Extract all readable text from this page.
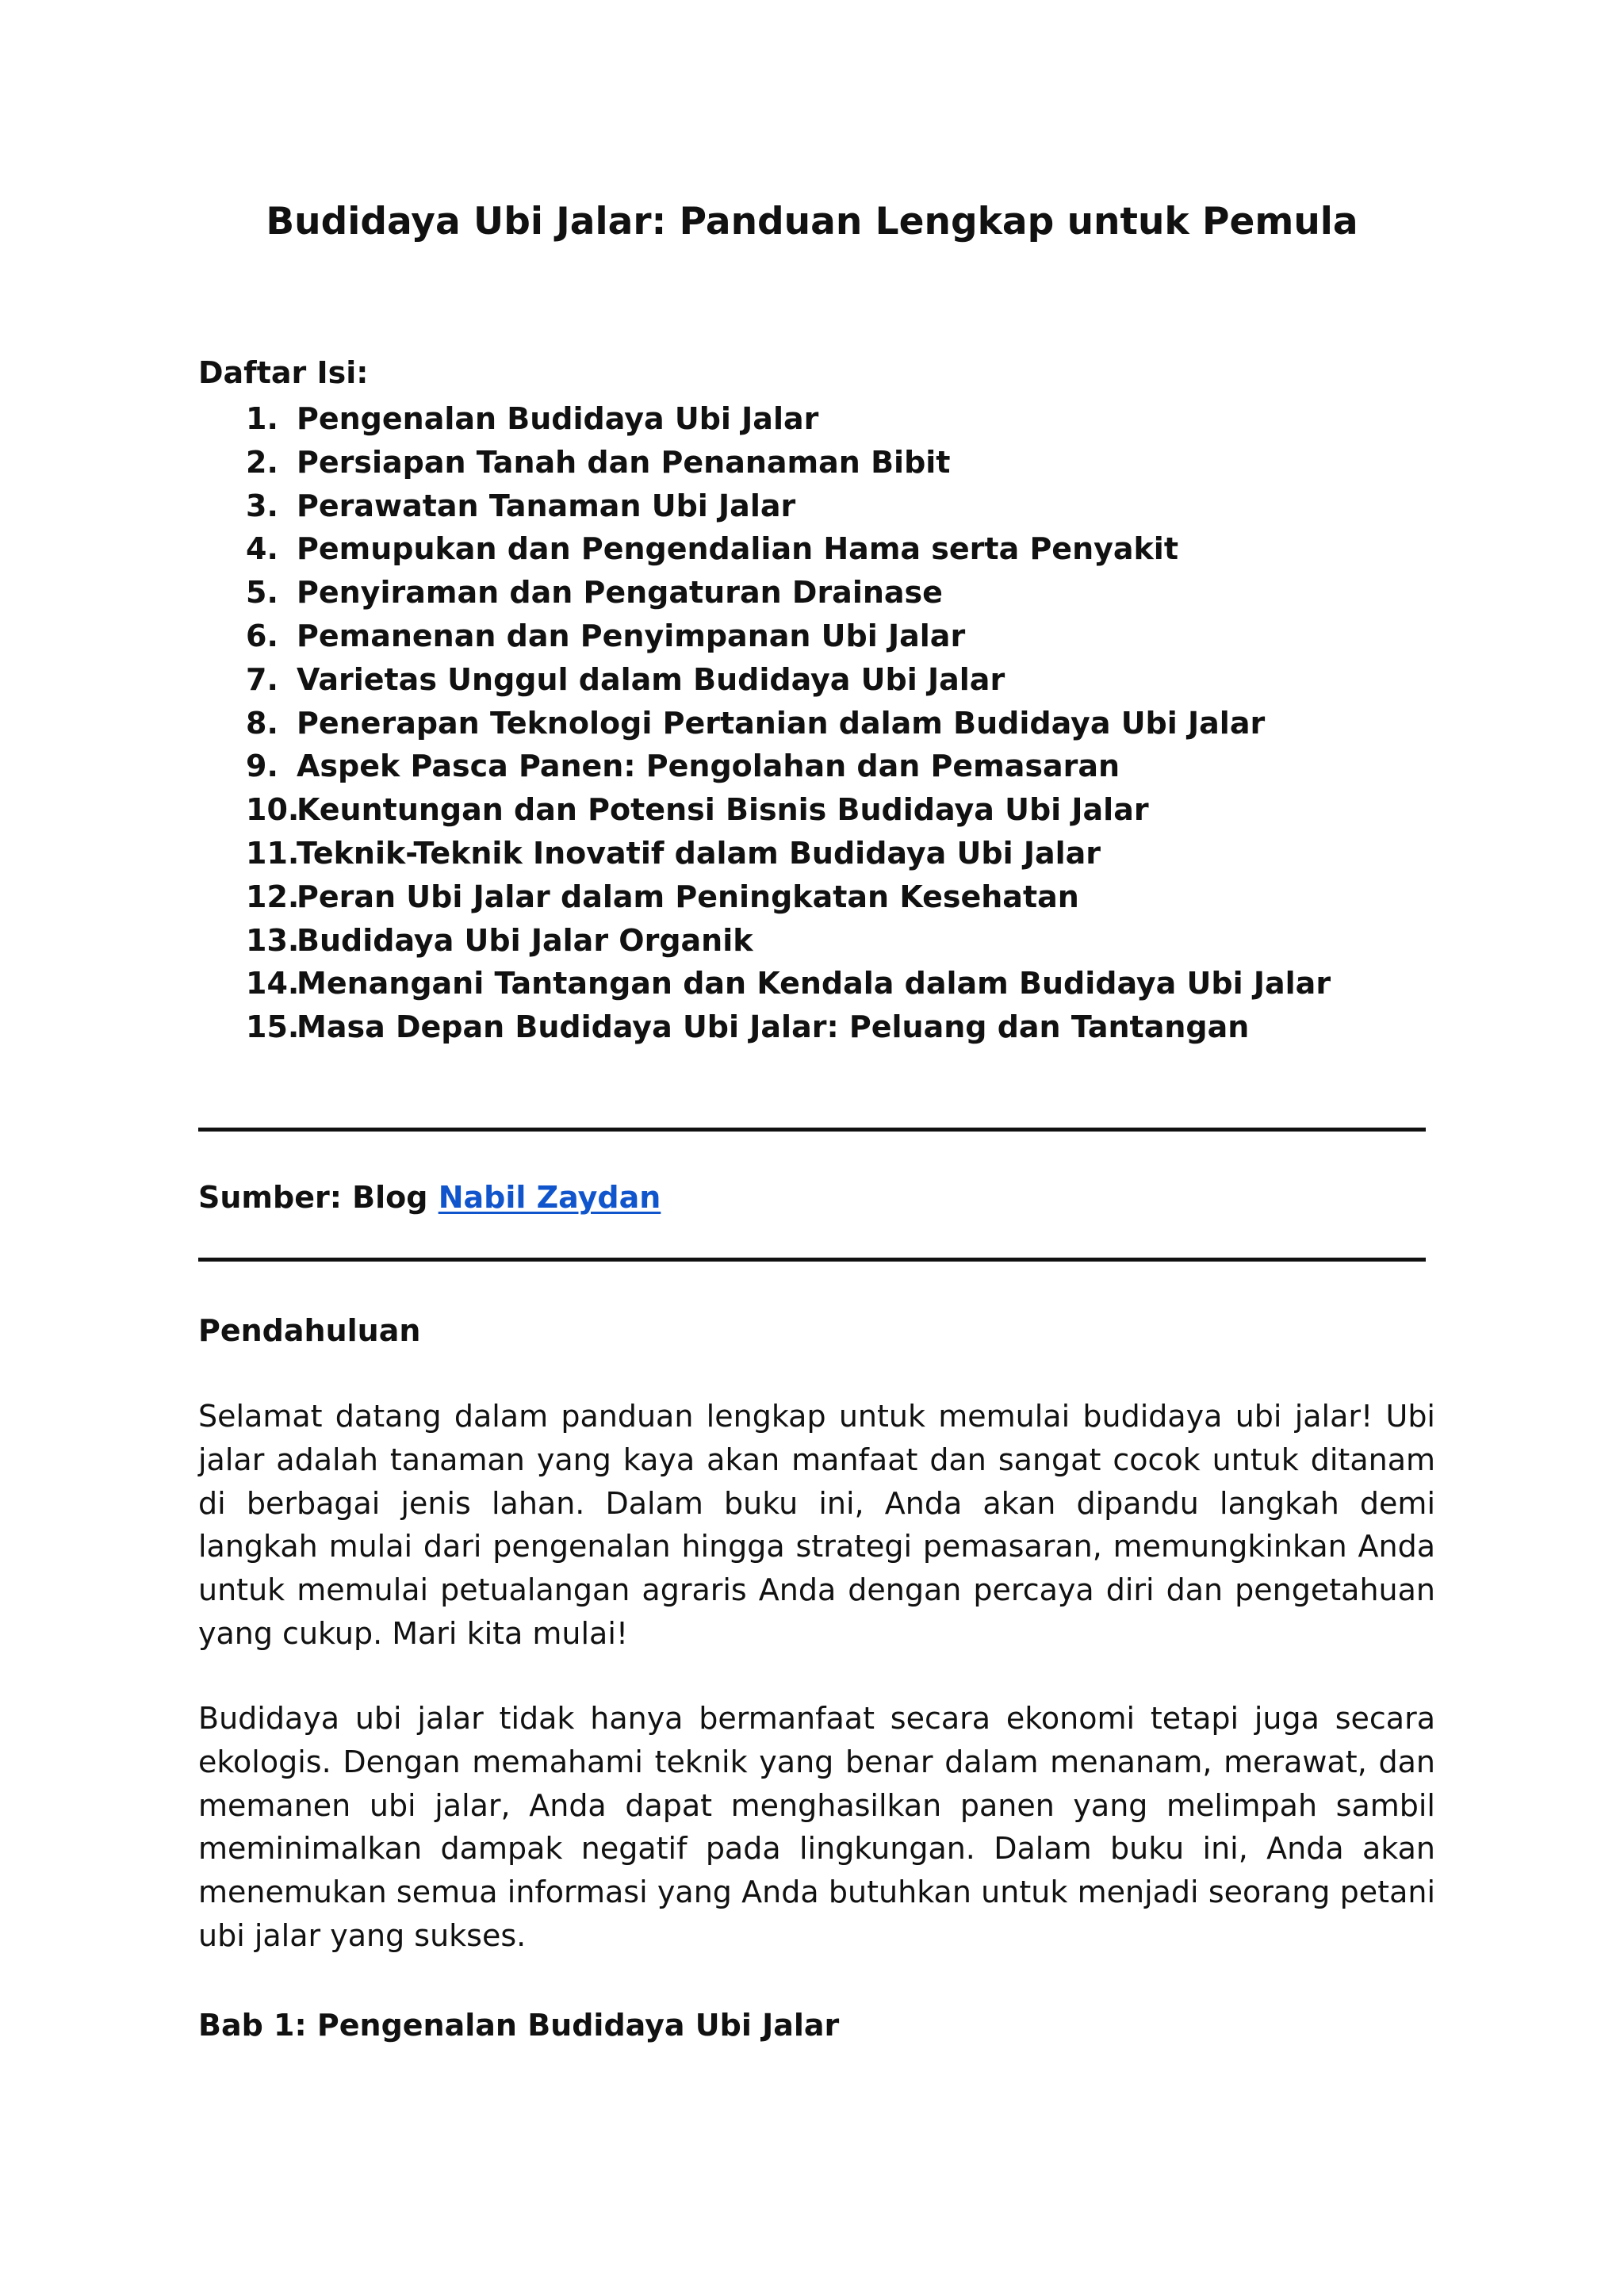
Budidaya Ubi Jalar: Panduan Lengkap untuk Pemula
Daftar Isi:
1. Pengenalan Budidaya Ubi Jalar
2. Persiapan Tanah dan Penanaman Bibit
3. Perawatan Tanaman Ubi Jalar
4. Pemupukan dan Pengendalian Hama serta Penyakit
5. Penyiraman dan Pengaturan Drainase
6. Pemanenan dan Penyimpanan Ubi Jalar
7. Varietas Unggul dalam Budidaya Ubi Jalar
8. Penerapan Teknologi Pertanian dalam Budidaya Ubi Jalar
9. Aspek Pasca Panen: Pengolahan dan Pemasaran
10.
Keuntungan dan Potensi Bisnis Budidaya Ubi Jalar
11.
Teknik-Teknik Inovatif dalam Budidaya Ubi Jalar
12.
Peran Ubi Jalar dalam Peningkatan Kesehatan
13.
Budidaya Ubi Jalar Organik
14.
Menangani Tantangan dan Kendala dalam Budidaya Ubi Jalar
15.
Masa Depan Budidaya Ubi Jalar: Peluang dan Tantangan
Sumber: Blog Nabil Zaydan
Pendahuluan

Selamat datang dalam panduan lengkap untuk memulai budidaya ubi jalar! Ubi jalar adalah tanaman yang kaya akan manfaat dan sangat cocok untuk ditanam di berbagai jenis lahan. Dalam buku ini, Anda akan dipandu langkah demi langkah mulai dari pengenalan hingga strategi pemasaran, memungkinkan Anda untuk memulai petualangan agraris Anda dengan percaya diri dan pengetahuan yang cukup. Mari kita mulai!

Budidaya ubi jalar tidak hanya bermanfaat secara ekonomi tetapi juga secara ekologis. Dengan memahami teknik yang benar dalam menanam, merawat, dan memanen ubi jalar, Anda dapat menghasilkan panen yang melimpah sambil meminimalkan dampak negatif pada lingkungan. Dalam buku ini, Anda akan menemukan semua informasi yang Anda butuhkan untuk menjadi seorang petani ubi jalar yang sukses.

Bab 1: Pengenalan Budidaya Ubi Jalar
